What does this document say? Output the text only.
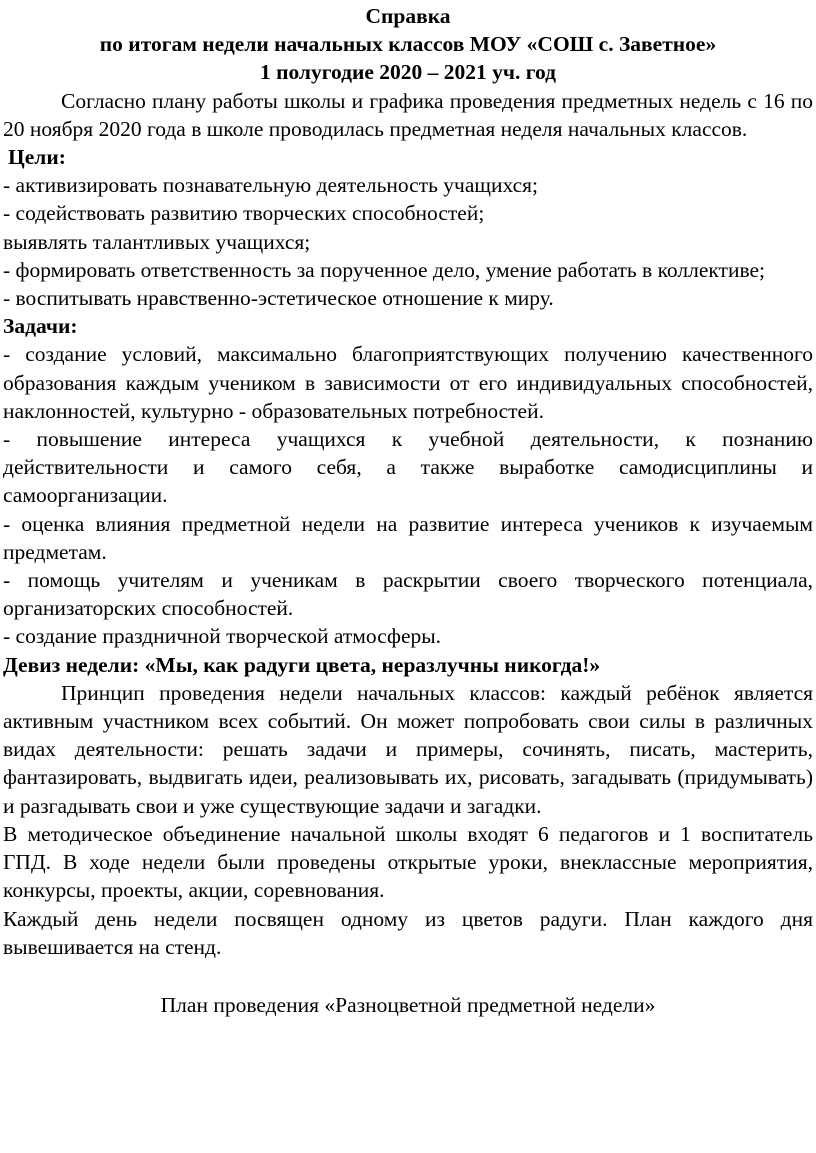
Справка

по итогам недели начальных классов МОУ «СОШ с. Заветное»

1 полугодие 2020 – 2021 уч. год

Согласно плану работы школы и графика проведения предметных недель с 16 по 20 ноября 2020 года в школе проводилась предметная неделя начальных классов.

Цели:

- активизировать познавательную деятельность учащихся;

- содействовать развитию творческих способностей;

выявлять талантливых учащихся;

- формировать ответственность за порученное дело, умение работать в коллективе;

- воспитывать нравственно-эстетическое отношение к миру.

Задачи:

- создание условий, максимально благоприятствующих получению качественного образования каждым учеником в зависимости от его индивидуальных способностей, наклонностей, культурно - образовательных потребностей.

- повышение интереса учащихся к учебной деятельности, к познанию действительности и самого себя, а также выработке самодисциплины и самоорганизации.

- оценка влияния предметной недели на развитие интереса учеников к изучаемым предметам.

- помощь учителям и ученикам в раскрытии своего творческого потенциала, организаторских способностей.

- создание праздничной творческой атмосферы.

Девиз недели: «Мы, как радуги цвета, неразлучны никогда!»

Принцип проведения недели начальных классов: каждый ребёнок является активным участником всех событий. Он может попробовать свои силы в различных видах деятельности: решать задачи и примеры, сочинять, писать, мастерить, фантазировать, выдвигать идеи, реализовывать их, рисовать, загадывать (придумывать) и разгадывать свои и уже существующие задачи и загадки.

В методическое объединение начальной школы входят 6 педагогов и 1 воспитатель ГПД. В ходе недели были проведены открытые уроки, внеклассные мероприятия, конкурсы, проекты, акции, соревнования.

Каждый день недели посвящен одному из цветов радуги. План каждого дня вывешивается на стенд.

План проведения «Разноцветной предметной недели»
